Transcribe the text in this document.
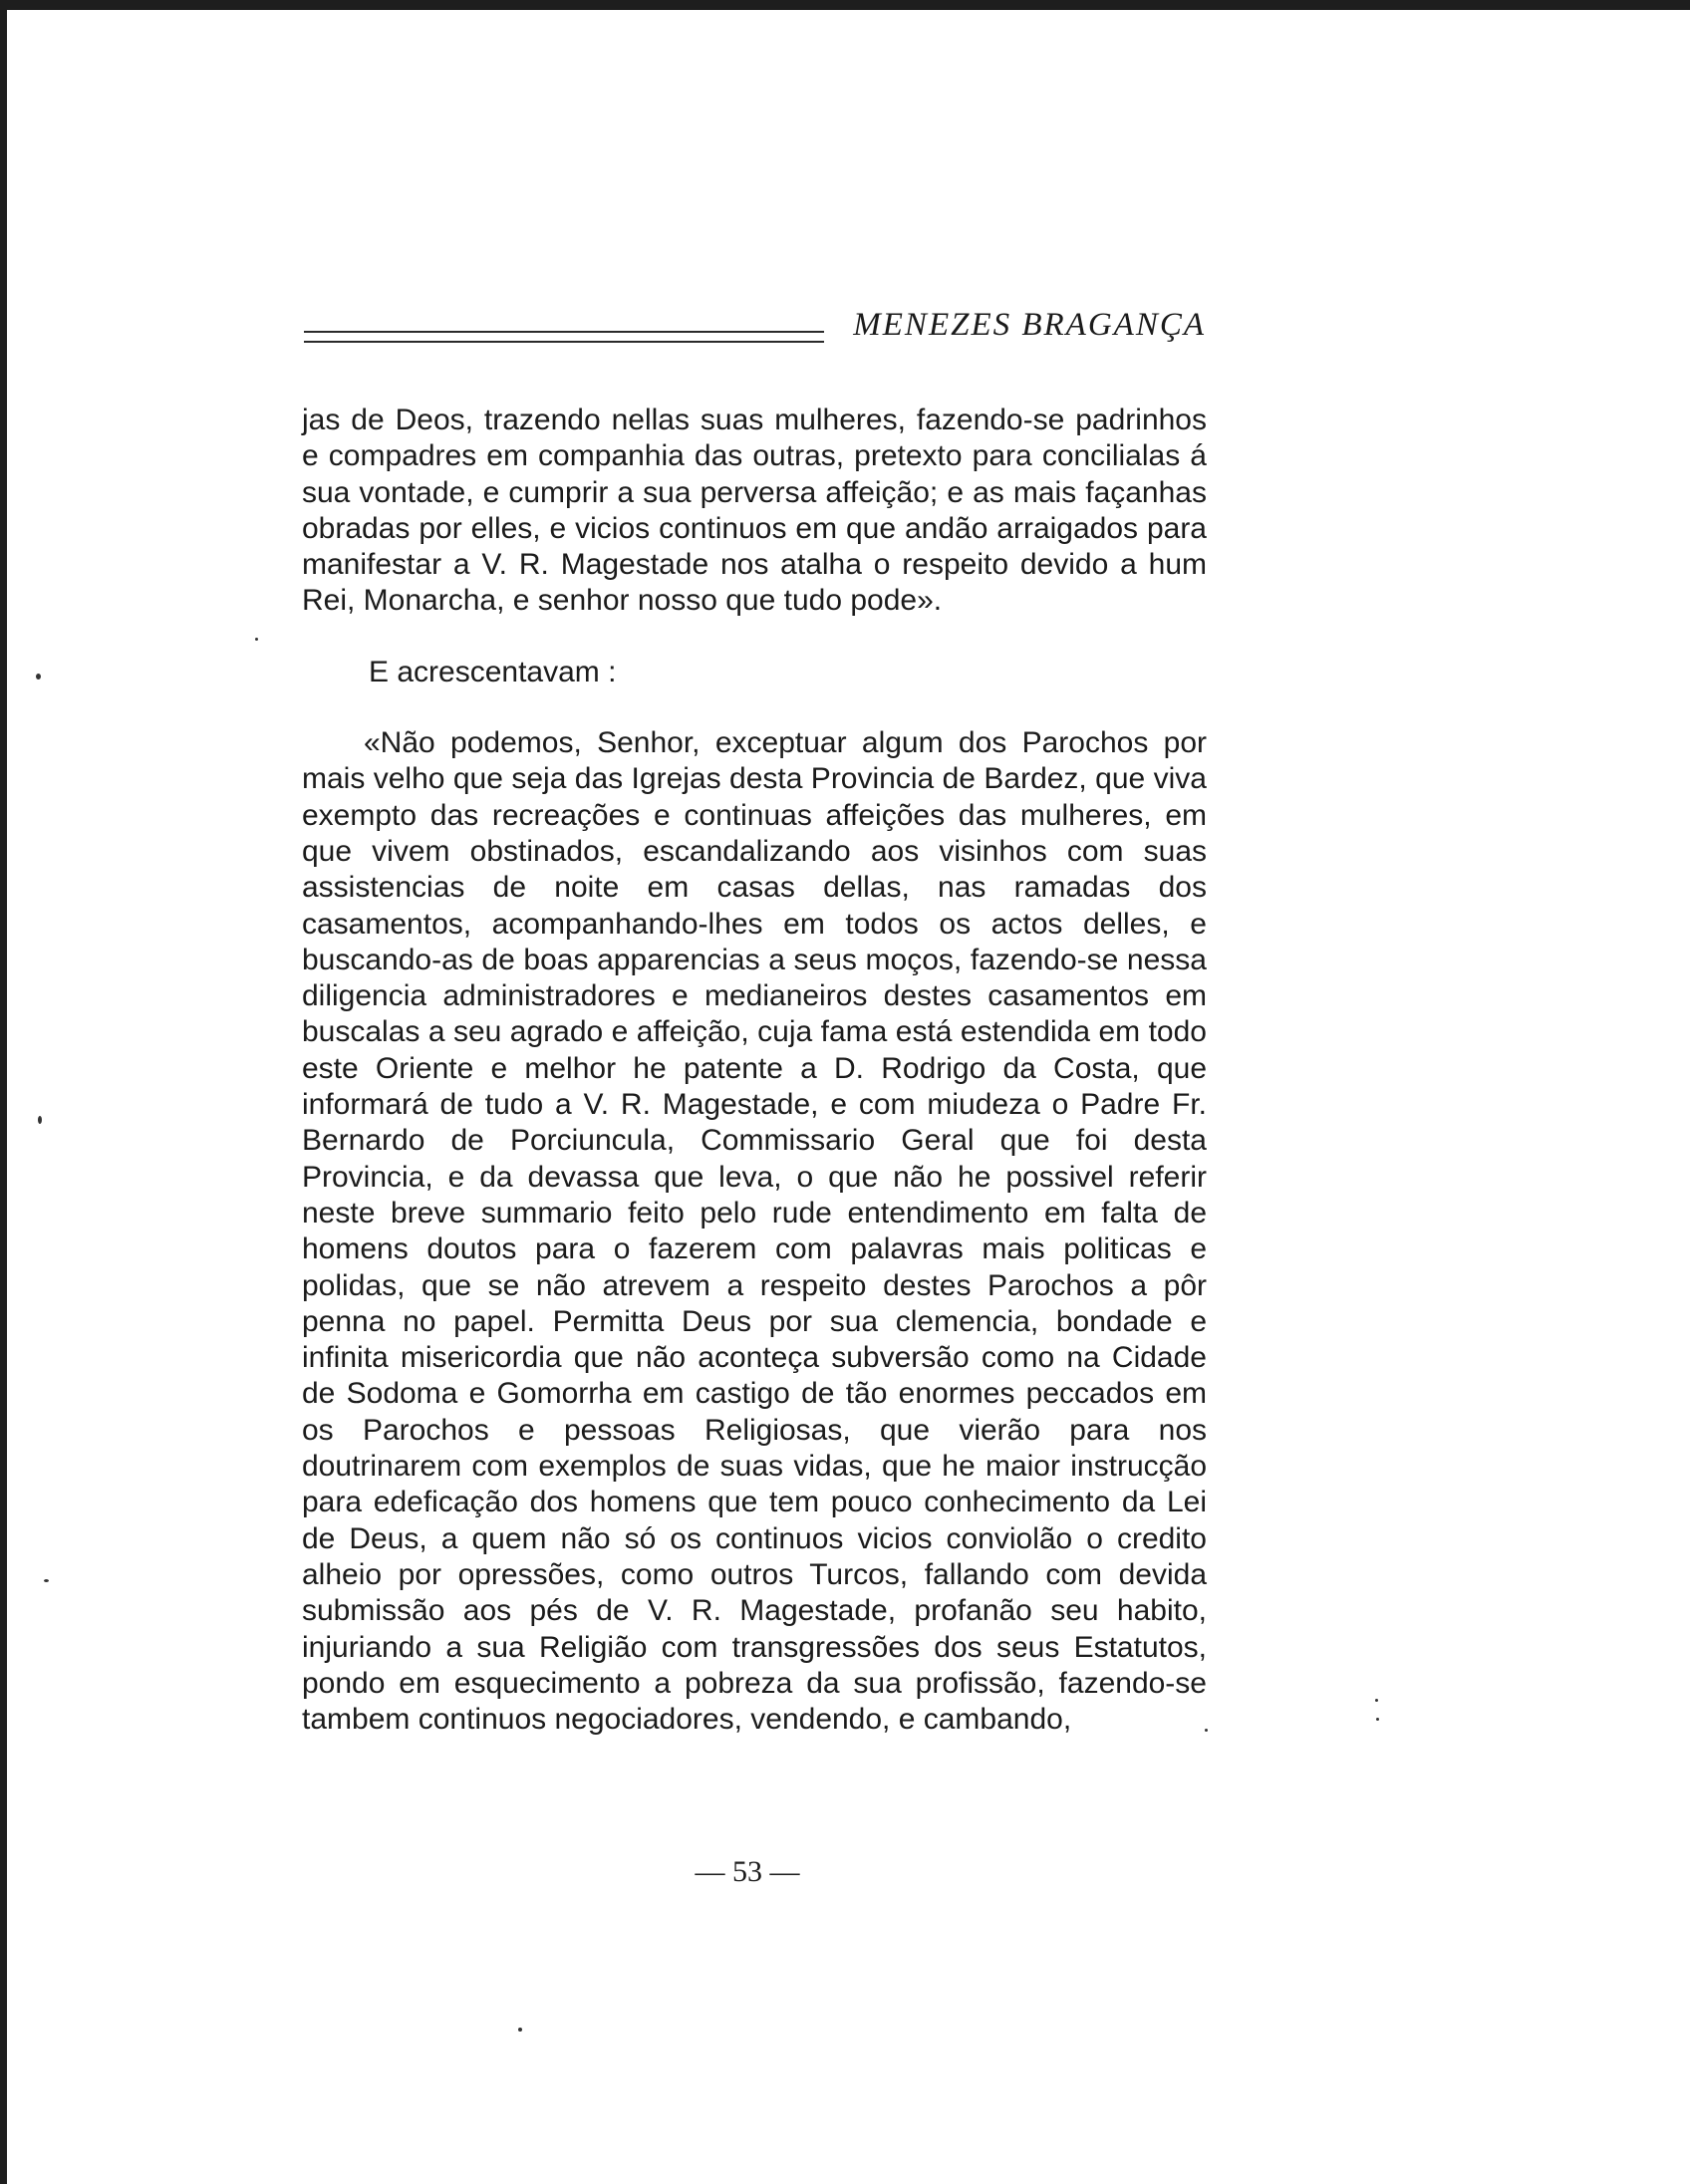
MENEZES BRAGANÇA

jas de Deos, trazendo nellas suas mulheres, fazendo-se padrinhos e compadres em companhia das outras, pretexto para concilialas á sua vontade, e cumprir a sua perversa affeição; e as mais façanhas obradas por elles, e vicios continuos em que andão arraigados para manifestar a V. R. Magestade nos atalha o respeito devido a hum Rei, Monarcha, e senhor nosso que tudo pode».

E acrescentavam :

«Não podemos, Senhor, exceptuar algum dos Parochos por mais velho que seja das Igrejas desta Provincia de Bardez, que viva exempto das recreações e continuas affeições das mulheres, em que vivem obstinados, escandalizando aos visinhos com suas assistencias de noite em casas dellas, nas ramadas dos casamentos, acompanhando-lhes em todos os actos delles, e buscando-as de boas apparencias a seus moços, fazendo-se nessa diligencia administradores e medianeiros destes casamentos em buscalas a seu agrado e affeição, cuja fama está estendida em todo este Oriente e melhor he patente a D. Rodrigo da Costa, que informará de tudo a V. R. Magestade, e com miudeza o Padre Fr. Bernardo de Porciuncula, Commissario Geral que foi desta Provincia, e da devassa que leva, o que não he possivel referir neste breve summario feito pelo rude entendimento em falta de homens doutos para o fazerem com palavras mais politicas e polidas, que se não atrevem a respeito destes Parochos a pôr penna no papel. Permitta Deus por sua clemencia, bondade e infinita misericordia que não aconteça subversão como na Cidade de Sodoma e Gomorrha em castigo de tão enormes peccados em os Parochos e pessoas Religiosas, que vierão para nos doutrinarem com exemplos de suas vidas, que he maior instrucção para edeficação dos homens que tem pouco conhecimento da Lei de Deus, a quem não só os continuos vicios conviolão o credito alheio por opressões, como outros Turcos, fallando com devida submissão aos pés de V. R. Magestade, profanão seu habito, injuriando a sua Religião com transgressões dos seus Estatutos, pondo em esquecimento a pobreza da sua profissão, fazendo-se tambem continuos negociadores, vendendo, e cambando,

— 53 —
